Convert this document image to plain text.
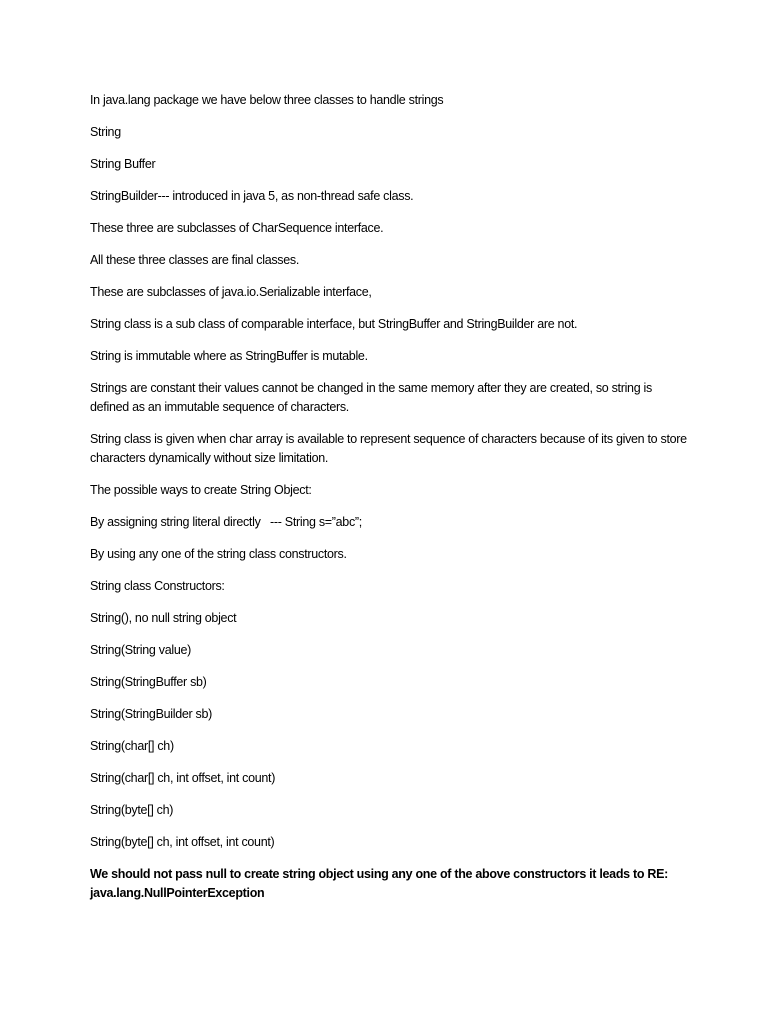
In java.lang package we have below three classes to handle strings

String

String Buffer

StringBuilder--- introduced in java 5, as non-thread safe class.

These three are subclasses of CharSequence interface.

All these three classes are final classes.

These are subclasses of java.io.Serializable interface,

String class is a sub class of comparable interface, but StringBuffer and StringBuilder are not.

String is immutable where as StringBuffer is mutable.

Strings are constant their values cannot be changed in the same memory after they are created, so string is defined as an immutable sequence of characters.

String class is given when char array is available to represent sequence of characters because of its given to store characters dynamically without size limitation.

The possible ways to create String Object:

By assigning string literal directly   --- String s=”abc”;

By using any one of the string class constructors.

String class Constructors:

String(), no null string object

String(String value)

String(StringBuffer sb)

String(StringBuilder sb)

String(char[] ch)

String(char[] ch, int offset, int count)

String(byte[] ch)

String(byte[] ch, int offset, int count)

We should not pass null to create string object using any one of the above constructors it leads to RE: java.lang.NullPointerException
